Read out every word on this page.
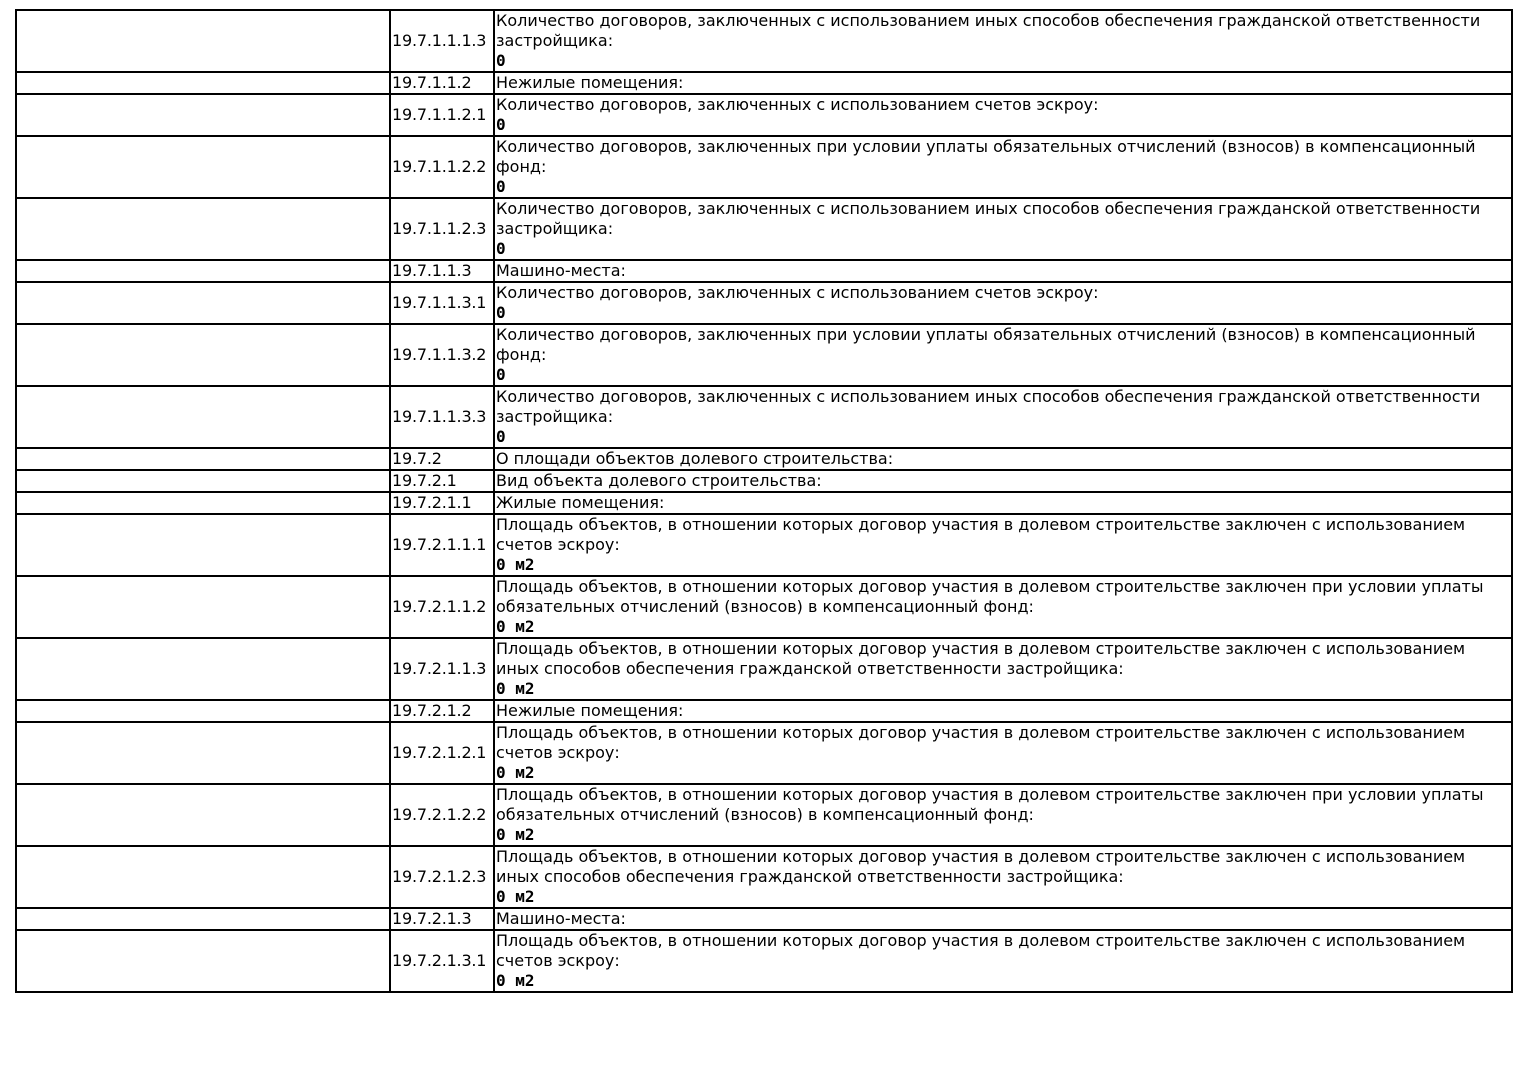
	19.7.1.1.1.3	Количество договоров, заключенных с использованием иных способов обеспечения гражданской ответственности застройщика:
0

	19.7.1.1.2	Нежилые помещения:

	19.7.1.1.2.1	Количество договоров, заключенных с использованием счетов эскроу:
0

	19.7.1.1.2.2	Количество договоров, заключенных при условии уплаты обязательных отчислений (взносов) в компенсационный фонд:
0

	19.7.1.1.2.3	Количество договоров, заключенных с использованием иных способов обеспечения гражданской ответственности застройщика:
0

	19.7.1.1.3	Машино-места:

	19.7.1.1.3.1	Количество договоров, заключенных с использованием счетов эскроу:
0

	19.7.1.1.3.2	Количество договоров, заключенных при условии уплаты обязательных отчислений (взносов) в компенсационный фонд:
0

	19.7.1.1.3.3	Количество договоров, заключенных с использованием иных способов обеспечения гражданской ответственности застройщика:
0

	19.7.2	О площади объектов долевого строительства:

	19.7.2.1	Вид объекта долевого строительства:

	19.7.2.1.1	Жилые помещения:

	19.7.2.1.1.1	Площадь объектов, в отношении которых договор участия в долевом строительстве заключен с использованием счетов эскроу:
0 м2

	19.7.2.1.1.2	Площадь объектов, в отношении которых договор участия в долевом строительстве заключен при условии уплаты обязательных отчислений (взносов) в компенсационный фонд:
0 м2

	19.7.2.1.1.3	Площадь объектов, в отношении которых договор участия в долевом строительстве заключен с использованием иных способов обеспечения гражданской ответственности застройщика:
0 м2

	19.7.2.1.2	Нежилые помещения:

	19.7.2.1.2.1	Площадь объектов, в отношении которых договор участия в долевом строительстве заключен с использованием счетов эскроу:
0 м2

	19.7.2.1.2.2	Площадь объектов, в отношении которых договор участия в долевом строительстве заключен при условии уплаты обязательных отчислений (взносов) в компенсационный фонд:
0 м2

	19.7.2.1.2.3	Площадь объектов, в отношении которых договор участия в долевом строительстве заключен с использованием иных способов обеспечения гражданской ответственности застройщика:
0 м2

	19.7.2.1.3	Машино-места:

	19.7.2.1.3.1	Площадь объектов, в отношении которых договор участия в долевом строительстве заключен с использованием счетов эскроу:
0 м2
